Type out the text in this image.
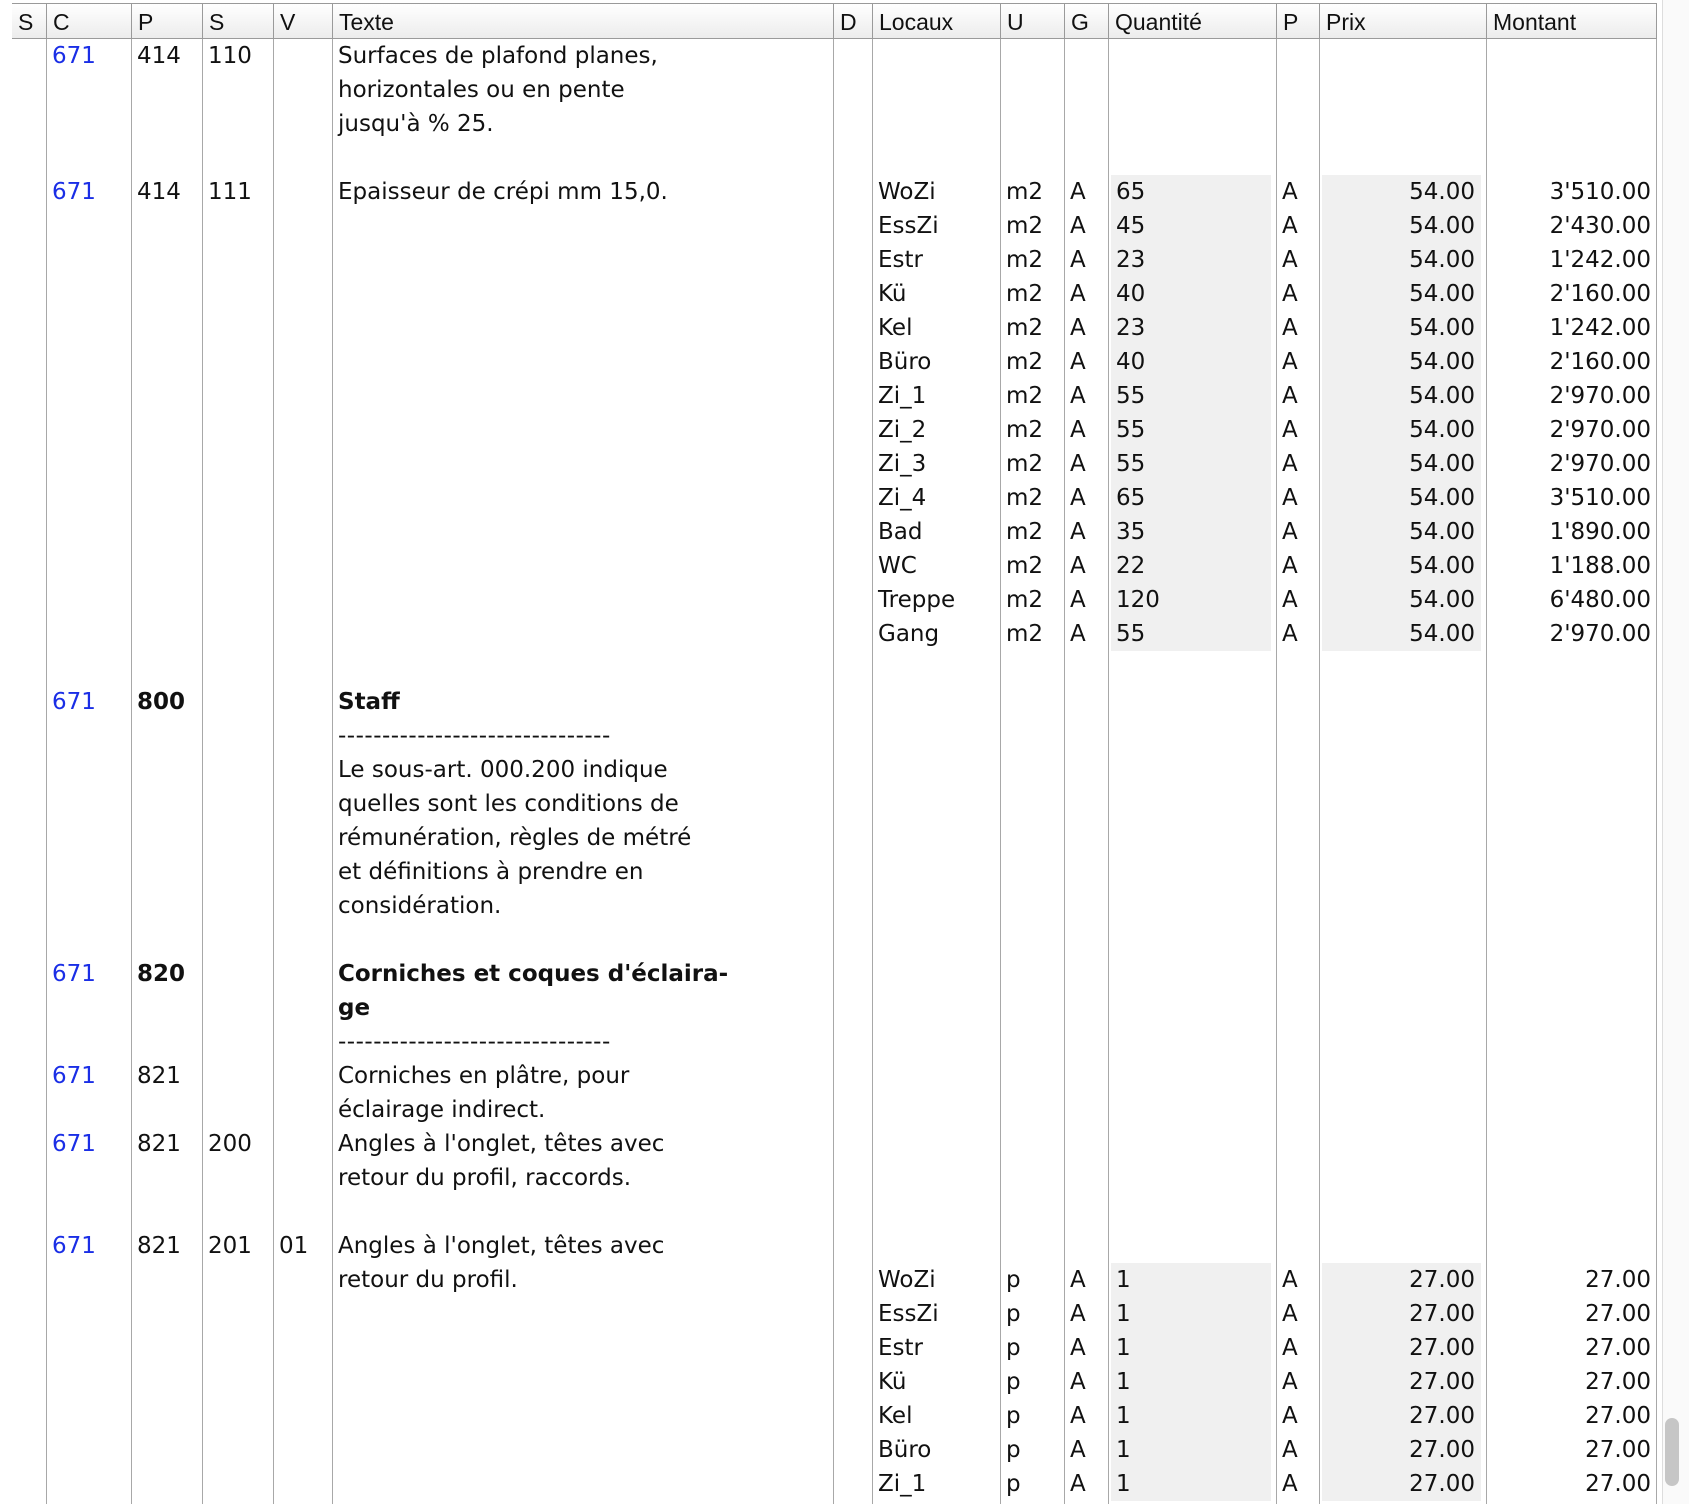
S C	P	S	V	Texte	D Locaux	U	G	Quantité	P	Prix	Montant
671	414	110	Surfaces de plafond planes,
horizontales ou en pente
jusqu'à % 25.
671	414	111	Epaisseur de crépi mm 15,0.	WoZi	m2	A	65	A	54.00	3'510.00
EssZi	m2	A	45	A	54.00	2'430.00
Estr	m2	A	23	A	54.00	1'242.00
Kü	m2	A	40	A	54.00	2'160.00
Kel	m2	A	23	A	54.00	1'242.00
Büro	m2	A	40	A	54.00	2'160.00
Zi_1	m2	A	55	A	54.00	2'970.00
Zi_2	m2	A	55	A	54.00	2'970.00
Zi_3	m2	A	55	A	54.00	2'970.00
Zi_4	m2	A	65	A	54.00	3'510.00
Bad	m2	A	35	A	54.00	1'890.00
WC	m2	A	22	A	54.00	1'188.00
Treppe	m2	A	120	A	54.00	6'480.00
Gang	m2	A	55	A	54.00	2'970.00
671	800	Staff
-------------------------------
Le sous-art. 000.200 indique
quelles sont les conditions de
rémunération, règles de métré
et définitions à prendre en
considération.
671	820	Corniches et coques d'éclaira-
ge
-------------------------------
671	821	Corniches en plâtre, pour
éclairage indirect.
671	821	200	Angles à l'onglet, têtes avec
retour du profil, raccords.
671	821	201	01	Angles à l'onglet, têtes avec
retour du profil.	WoZi	p	A	1	A	27.00	27.00
EssZi	p	A	1	A	27.00	27.00
Estr	p	A	1	A	27.00	27.00
Kü	p	A	1	A	27.00	27.00
Kel	p	A	1	A	27.00	27.00
Büro	p	A	1	A	27.00	27.00
Zi_1	p	A	1	A	27.00	27.00
